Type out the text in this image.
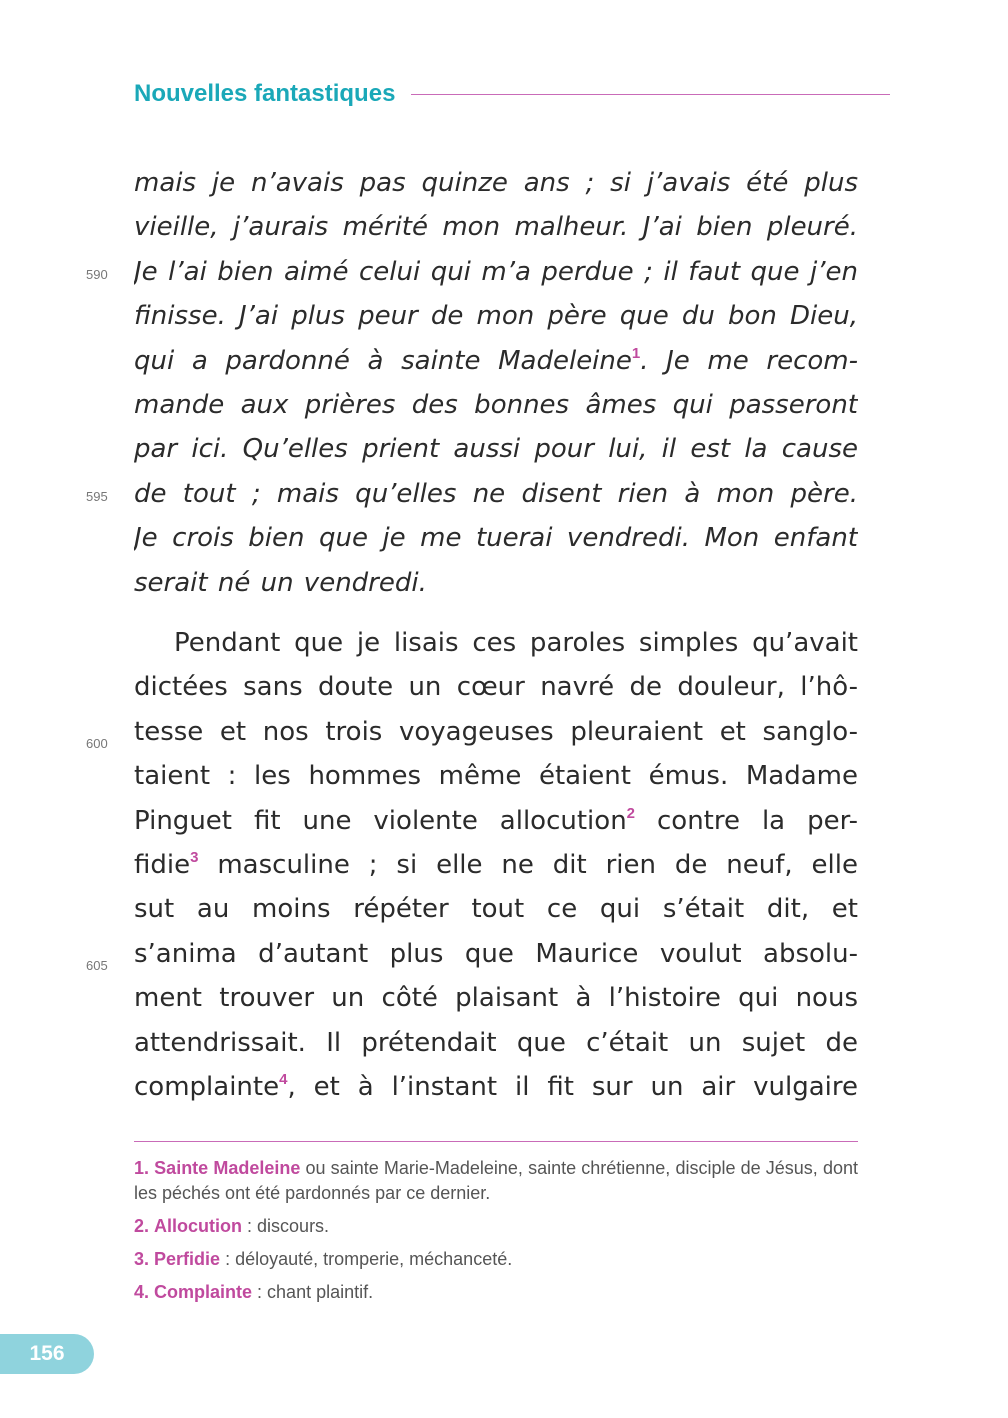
Nouvelles fantastiques
590
595
600
605
mais je n’avais pas quinze ans ; si j’avais été plus
vieille, j’aurais mérité mon malheur. J’ai bien pleuré.
Je l’ai bien aimé celui qui m’a perdue ; il faut que j’en
finisse. J’ai plus peur de mon père que du bon Dieu,
qui a pardonné à sainte Madeleine$^1$. Je me recom-
mande aux prières des bonnes âmes qui passeront
par ici. Qu’elles prient aussi pour lui, il est la cause
de tout ; mais qu’elles ne disent rien à mon père.
Je crois bien que je me tuerai vendredi. Mon enfant
serait né un vendredi.
Pendant que je lisais ces paroles simples qu’avait
dictées sans doute un cœur navré de douleur, l’hô-
tesse et nos trois voyageuses pleuraient et sanglo-
taient : les hommes même étaient émus. Madame
Pinguet fit une violente allocution$^2$ contre la per-
fidie$^3$ masculine ; si elle ne dit rien de neuf, elle
sut au moins répéter tout ce qui s’était dit, et
s’anima d’autant plus que Maurice voulut absolu-
ment trouver un côté plaisant à l’histoire qui nous
attendrissait. Il prétendait que c’était un sujet de
complainte$^4$, et à l’instant il fit sur un air vulgaire
1. Sainte Madeleine ou sainte Marie-Madeleine, sainte chrétienne, disciple de Jésus, dont les péchés ont été pardonnés par ce dernier.
2. Allocution : discours.
3. Perfidie : déloyauté, tromperie, méchanceté.
4. Complainte : chant plaintif.
156
